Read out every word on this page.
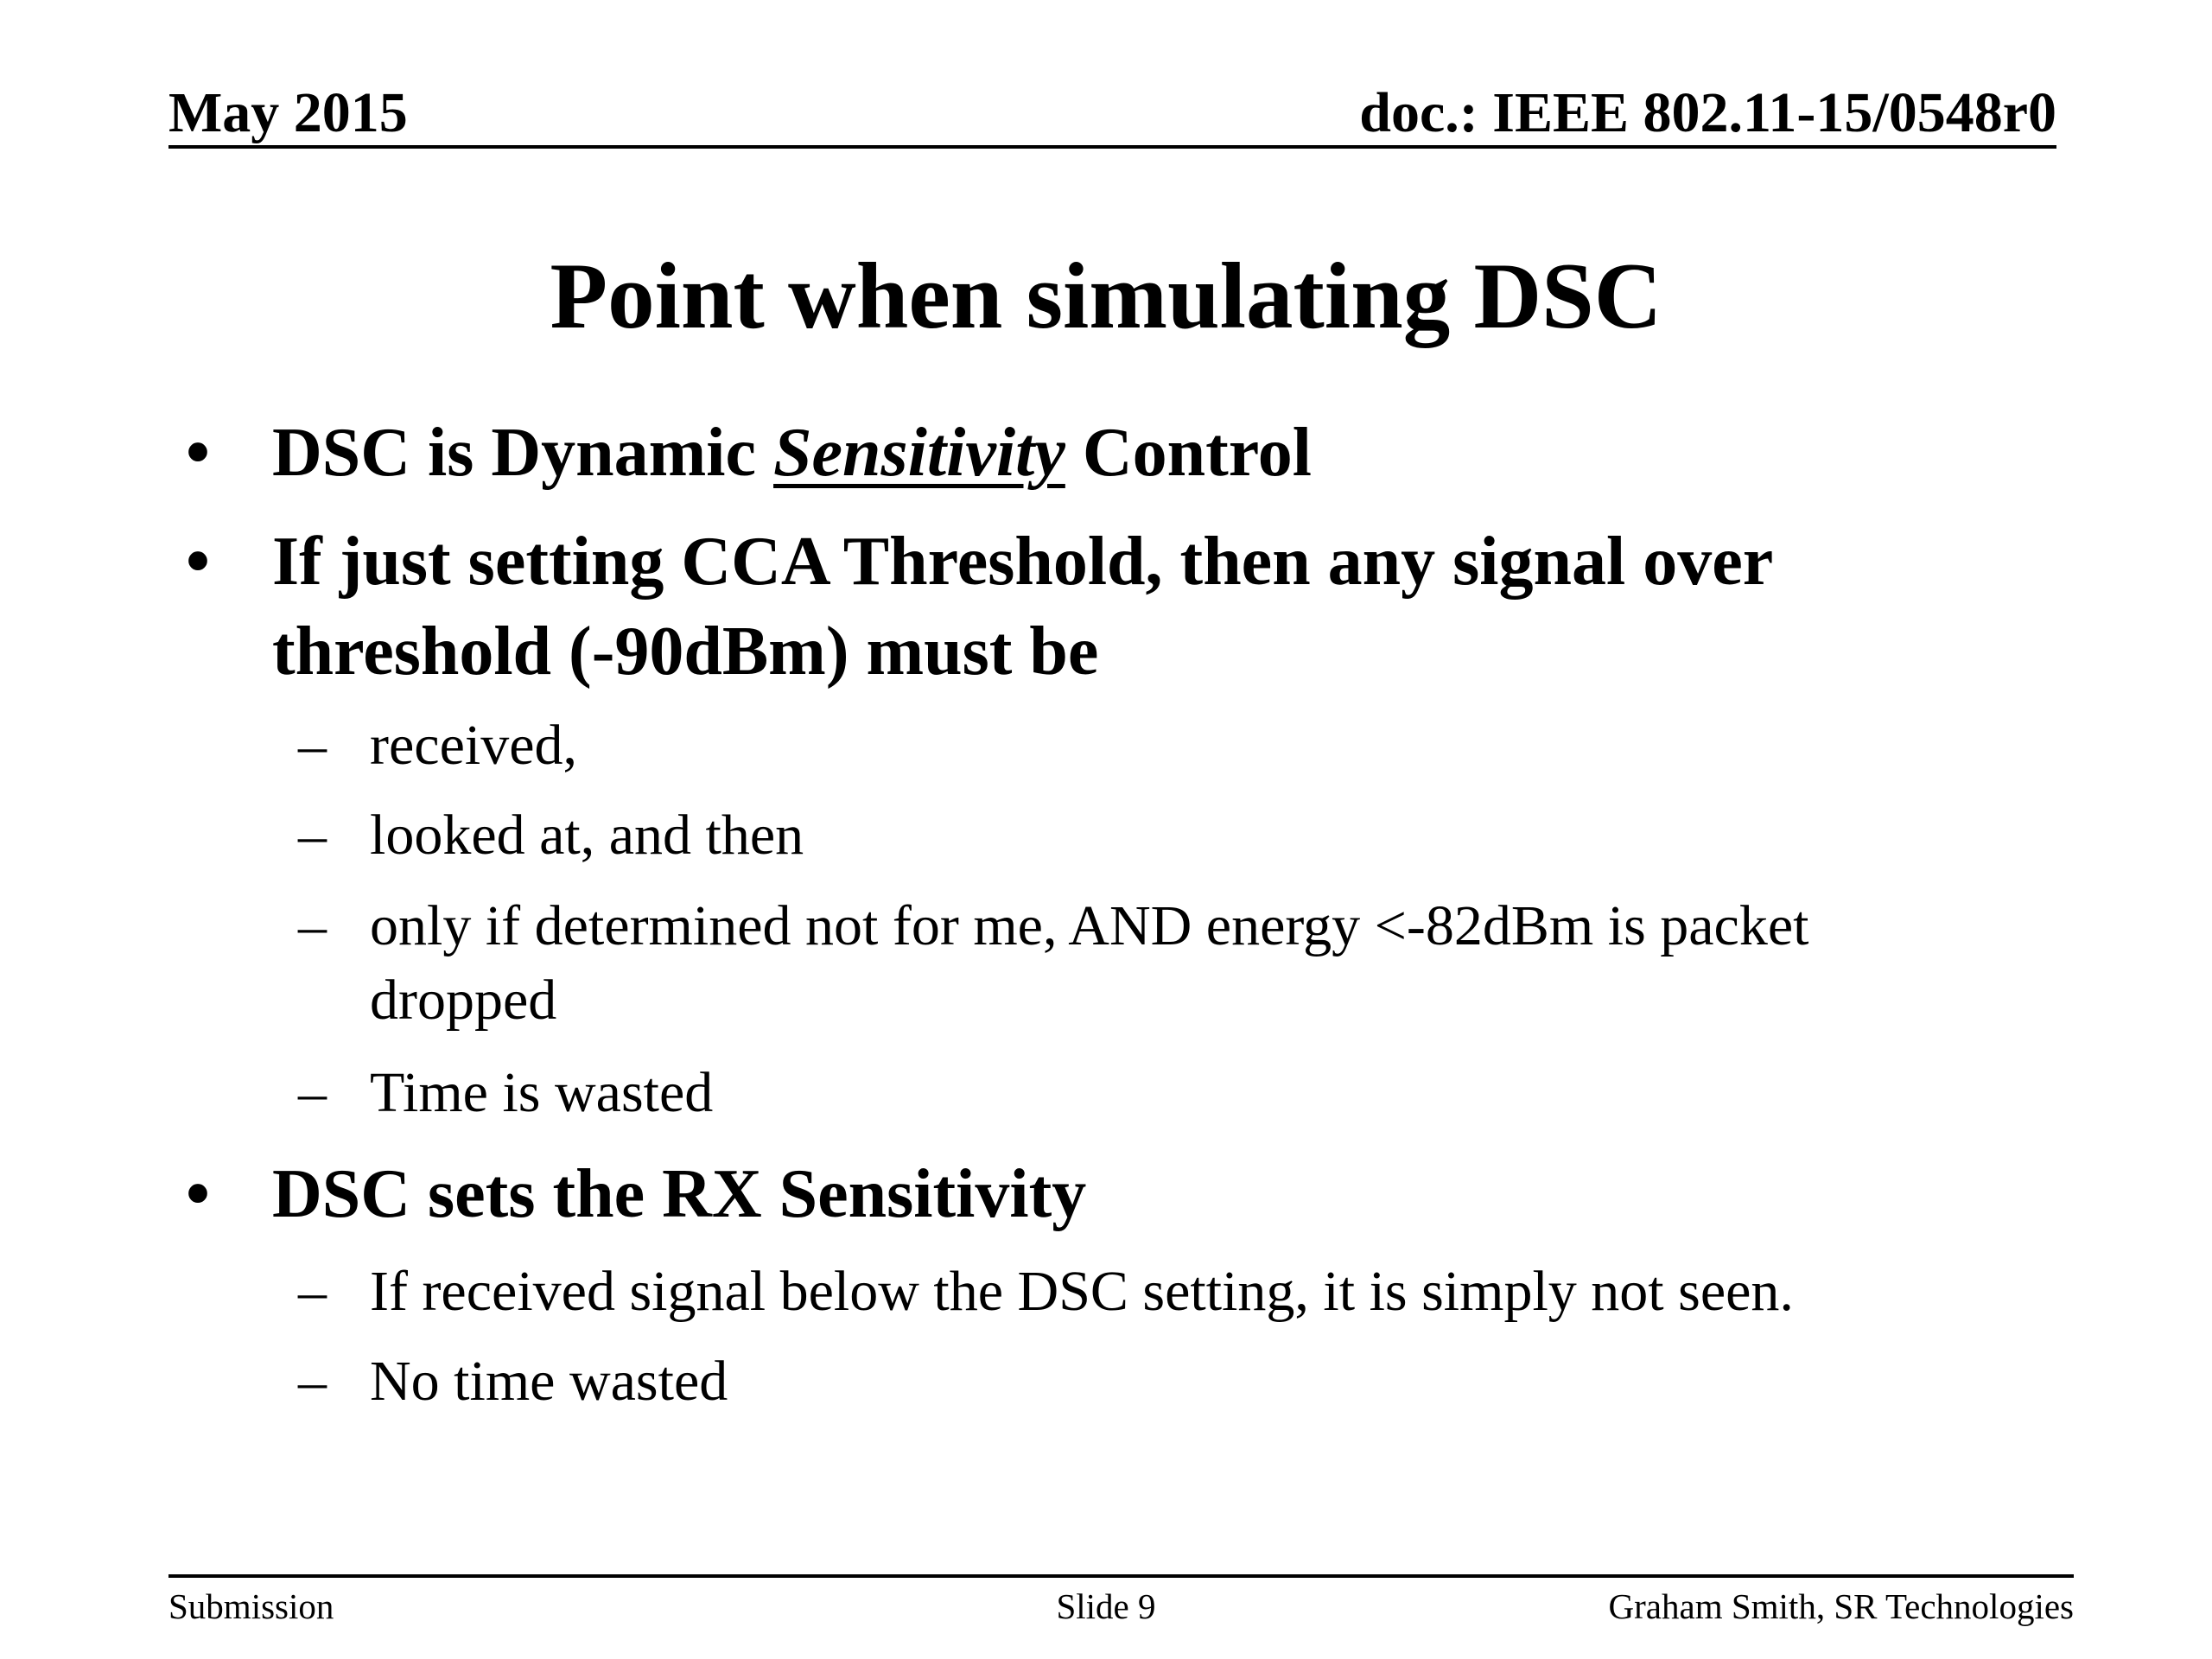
May 2015	doc.: IEEE 802.11-15/0548r0
Point when simulating DSC
• DSC is Dynamic Sensitivity Control
• If just setting CCA Threshold, then any signal over
threshold (-90dBm) must be
– received,
– looked at, and then
– only if determined not for me, AND energy <-82dBm is packet
dropped
– Time is wasted
• DSC sets the RX Sensitivity
– If received signal below the DSC setting, it is simply not seen.
– No time wasted
Submission	Slide 9	Graham Smith, SR Technologies
